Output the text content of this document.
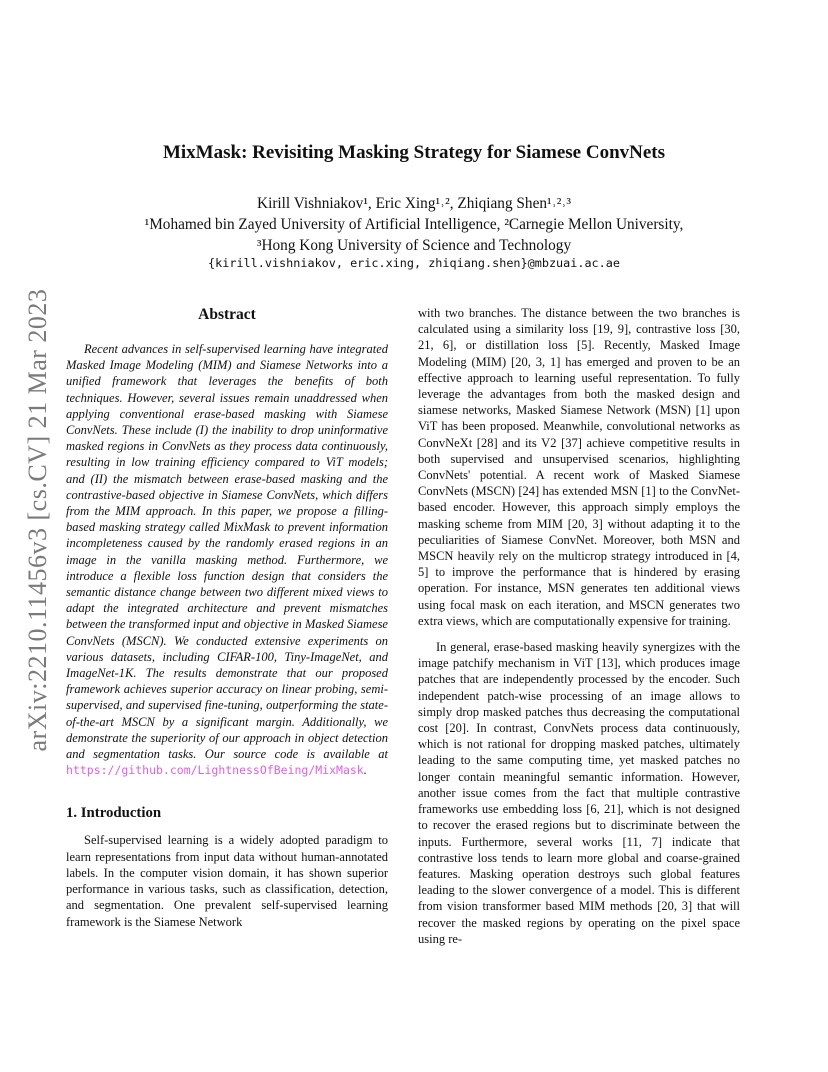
arXiv:2210.11456v3 [cs.CV] 21 Mar 2023
MixMask: Revisiting Masking Strategy for Siamese ConvNets
Kirill Vishniakov¹, Eric Xing¹˒², Zhiqiang Shen¹˒²˒³
¹Mohamed bin Zayed University of Artificial Intelligence, ²Carnegie Mellon University,
³Hong Kong University of Science and Technology
{kirill.vishniakov, eric.xing, zhiqiang.shen}@mbzuai.ac.ae
Abstract

Recent advances in self-supervised learning have integrated Masked Image Modeling (MIM) and Siamese Networks into a unified framework that leverages the benefits of both techniques. However, several issues remain unaddressed when applying conventional erase-based masking with Siamese ConvNets. These include (I) the inability to drop uninformative masked regions in ConvNets as they process data continuously, resulting in low training efficiency compared to ViT models; and (II) the mismatch between erase-based masking and the contrastive-based objective in Siamese ConvNets, which differs from the MIM approach. In this paper, we propose a filling-based masking strategy called MixMask to prevent information incompleteness caused by the randomly erased regions in an image in the vanilla masking method. Furthermore, we introduce a flexible loss function design that considers the semantic distance change between two different mixed views to adapt the integrated architecture and prevent mismatches between the transformed input and objective in Masked Siamese ConvNets (MSCN). We conducted extensive experiments on various datasets, including CIFAR-100, Tiny-ImageNet, and ImageNet-1K. The results demonstrate that our proposed framework achieves superior accuracy on linear probing, semi-supervised, and supervised fine-tuning, outperforming the state-of-the-art MSCN by a significant margin. Additionally, we demonstrate the superiority of our approach in object detection and segmentation tasks. Our source code is available at https://github.com/LightnessOfBeing/MixMask.

1. Introduction

Self-supervised learning is a widely adopted paradigm to learn representations from input data without human-annotated labels. In the computer vision domain, it has shown superior performance in various tasks, such as classification, detection, and segmentation. One prevalent self-supervised learning framework is the Siamese Network

with two branches. The distance between the two branches is calculated using a similarity loss [19, 9], contrastive loss [30, 21, 6], or distillation loss [5]. Recently, Masked Image Modeling (MIM) [20, 3, 1] has emerged and proven to be an effective approach to learning useful representation. To fully leverage the advantages from both the masked design and siamese networks, Masked Siamese Network (MSN) [1] upon ViT has been proposed. Meanwhile, convolutional networks as ConvNeXt [28] and its V2 [37] achieve competitive results in both supervised and unsupervised scenarios, highlighting ConvNets' potential. A recent work of Masked Siamese ConvNets (MSCN) [24] has extended MSN [1] to the ConvNet-based encoder. However, this approach simply employs the masking scheme from MIM [20, 3] without adapting it to the peculiarities of Siamese ConvNet. Moreover, both MSN and MSCN heavily rely on the multicrop strategy introduced in [4, 5] to improve the performance that is hindered by erasing operation. For instance, MSN generates ten additional views using focal mask on each iteration, and MSCN generates two extra views, which are computationally expensive for training.

In general, erase-based masking heavily synergizes with the image patchify mechanism in ViT [13], which produces image patches that are independently processed by the encoder. Such independent patch-wise processing of an image allows to simply drop masked patches thus decreasing the computational cost [20]. In contrast, ConvNets process data continuously, which is not rational for dropping masked patches, ultimately leading to the same computing time, yet masked patches no longer contain meaningful semantic information. However, another issue comes from the fact that multiple contrastive frameworks use embedding loss [6, 21], which is not designed to recover the erased regions but to discriminate between the inputs. Furthermore, several works [11, 7] indicate that contrastive loss tends to learn more global and coarse-grained features. Masking operation destroys such global features leading to the slower convergence of a model. This is different from vision transformer based MIM methods [20, 3] that will recover the masked regions by operating on the pixel space using re-
